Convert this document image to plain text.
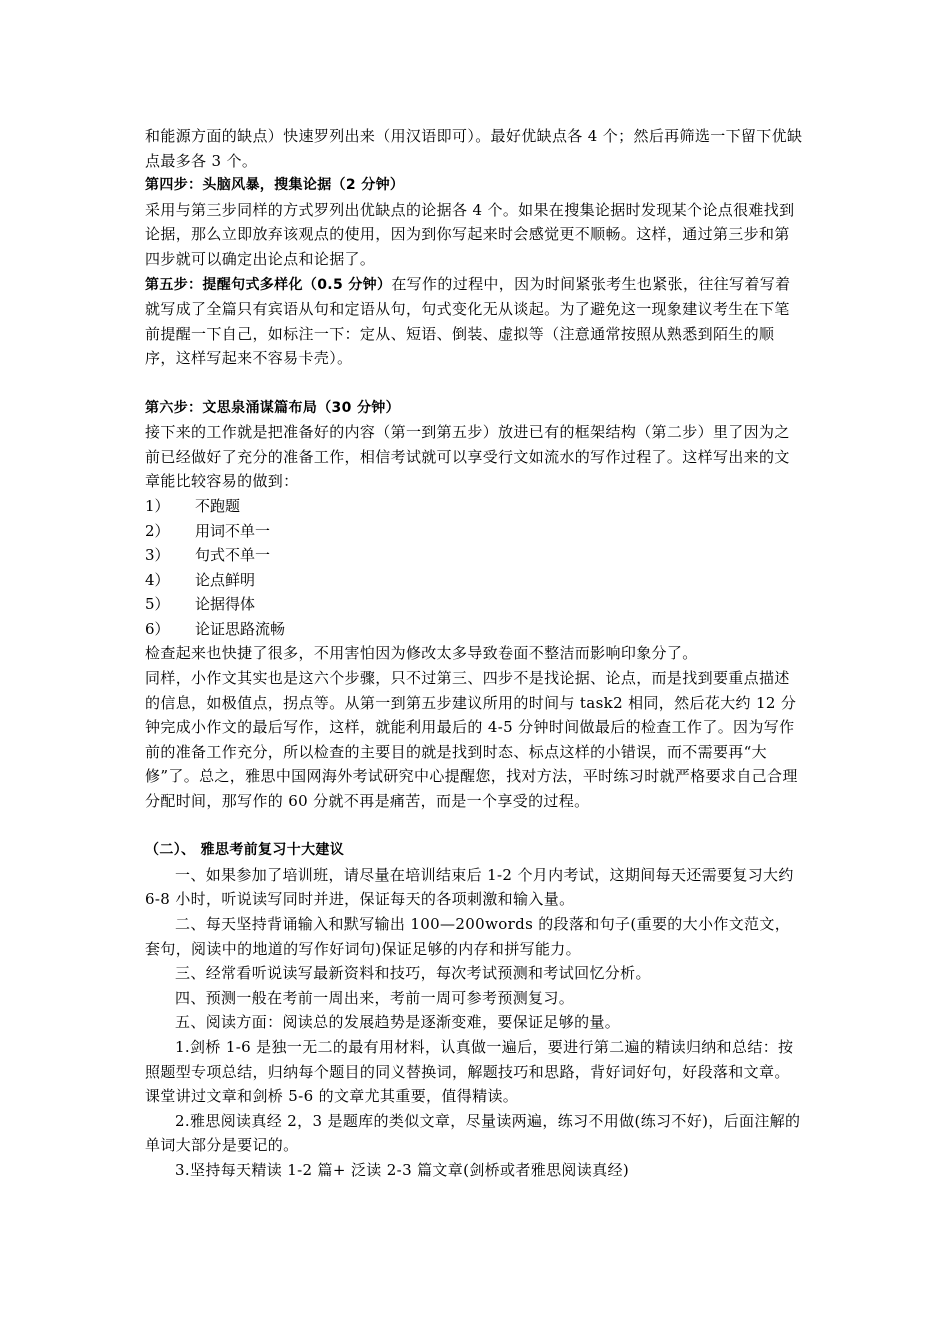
和能源方面的缺点）快速罗列出来（用汉语即可）。最好优缺点各 4 个；然后再筛选一下留下优缺点最多各 3 个。
第四步：头脑风暴，搜集论据（2 分钟）
采用与第三步同样的方式罗列出优缺点的论据各 4 个。如果在搜集论据时发现某个论点很难找到论据，那么立即放弃该观点的使用，因为到你写起来时会感觉更不顺畅。这样，通过第三步和第四步就可以确定出论点和论据了。
第五步：提醒句式多样化（0.5 分钟）在写作的过程中，因为时间紧张考生也紧张，往往写着写着就写成了全篇只有宾语从句和定语从句，句式变化无从谈起。为了避免这一现象建议考生在下笔前提醒一下自己，如标注一下：定从、短语、倒装、虚拟等（注意通常按照从熟悉到陌生的顺序，这样写起来不容易卡壳）。
第六步：文思泉涌谋篇布局（30 分钟）
接下来的工作就是把准备好的内容（第一到第五步）放进已有的框架结构（第二步）里了因为之前已经做好了充分的准备工作，相信考试就可以享受行文如流水的写作过程了。这样写出来的文章能比较容易的做到：
1） 不跑题
2） 用词不单一
3） 句式不单一
4） 论点鲜明
5） 论据得体
6） 论证思路流畅
检查起来也快捷了很多，不用害怕因为修改太多导致卷面不整洁而影响印象分了。
同样，小作文其实也是这六个步骤，只不过第三、四步不是找论据、论点，而是找到要重点描述的信息，如极值点，拐点等。从第一到第五步建议所用的时间与 task2 相同，然后花大约 12 分钟完成小作文的最后写作，这样，就能利用最后的 4-5 分钟时间做最后的检查工作了。因为写作前的准备工作充分，所以检查的主要目的就是找到时态、标点这样的小错误，而不需要再“大修”了。总之，雅思中国网海外考试研究中心提醒您，找对方法，平时练习时就严格要求自己合理分配时间，那写作的 60 分就不再是痛苦，而是一个享受的过程。
（二）、 雅思考前复习十大建议
一、如果参加了培训班，请尽量在培训结束后 1-2 个月内考试，这期间每天还需要复习大约 6-8 小时，听说读写同时并进，保证每天的各项刺激和输入量。
二、每天坚持背诵输入和默写输出 100—200words 的段落和句子(重要的大小作文范文，套句，阅读中的地道的写作好词句)保证足够的内存和拼写能力。
三、经常看听说读写最新资料和技巧，每次考试预测和考试回忆分析。
四、预测一般在考前一周出来，考前一周可参考预测复习。
五、阅读方面：阅读总的发展趋势是逐渐变难，要保证足够的量。
1.剑桥 1-6 是独一无二的最有用材料，认真做一遍后，要进行第二遍的精读归纳和总结：按照题型专项总结，归纳每个题目的同义替换词，解题技巧和思路，背好词好句，好段落和文章。课堂讲过文章和剑桥 5-6 的文章尤其重要，值得精读。
2.雅思阅读真经 2，3 是题库的类似文章，尽量读两遍，练习不用做(练习不好)，后面注解的单词大部分是要记的。
3.坚持每天精读 1-2 篇+ 泛读 2-3 篇文章(剑桥或者雅思阅读真经)
